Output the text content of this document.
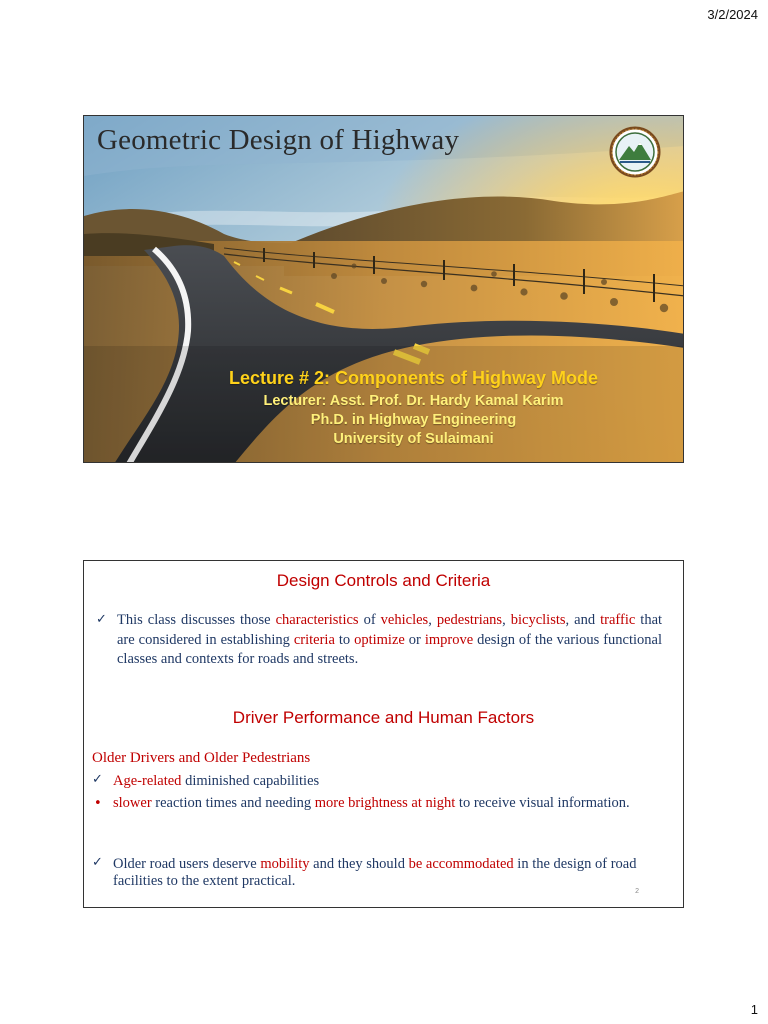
3/2/2024
Geometric Design of Highway
Lecture # 2: Components of Highway Mode
Lecturer: Asst. Prof. Dr. Hardy Kamal Karim
Ph.D. in Highway Engineering
University of Sulaimani
Design Controls and Criteria
✓ This class discusses those characteristics of vehicles, pedestrians, bicyclists, and traffic that are considered in establishing criteria to optimize or improve design of the various functional classes and contexts for roads and streets.
Driver Performance and Human Factors
Older Drivers and Older Pedestrians
✓ Age-related diminished capabilities
• slower reaction times and needing more brightness at night to receive visual information.
✓ Older road users deserve mobility and they should be accommodated in the design of road facilities to the extent practical.
2
1
